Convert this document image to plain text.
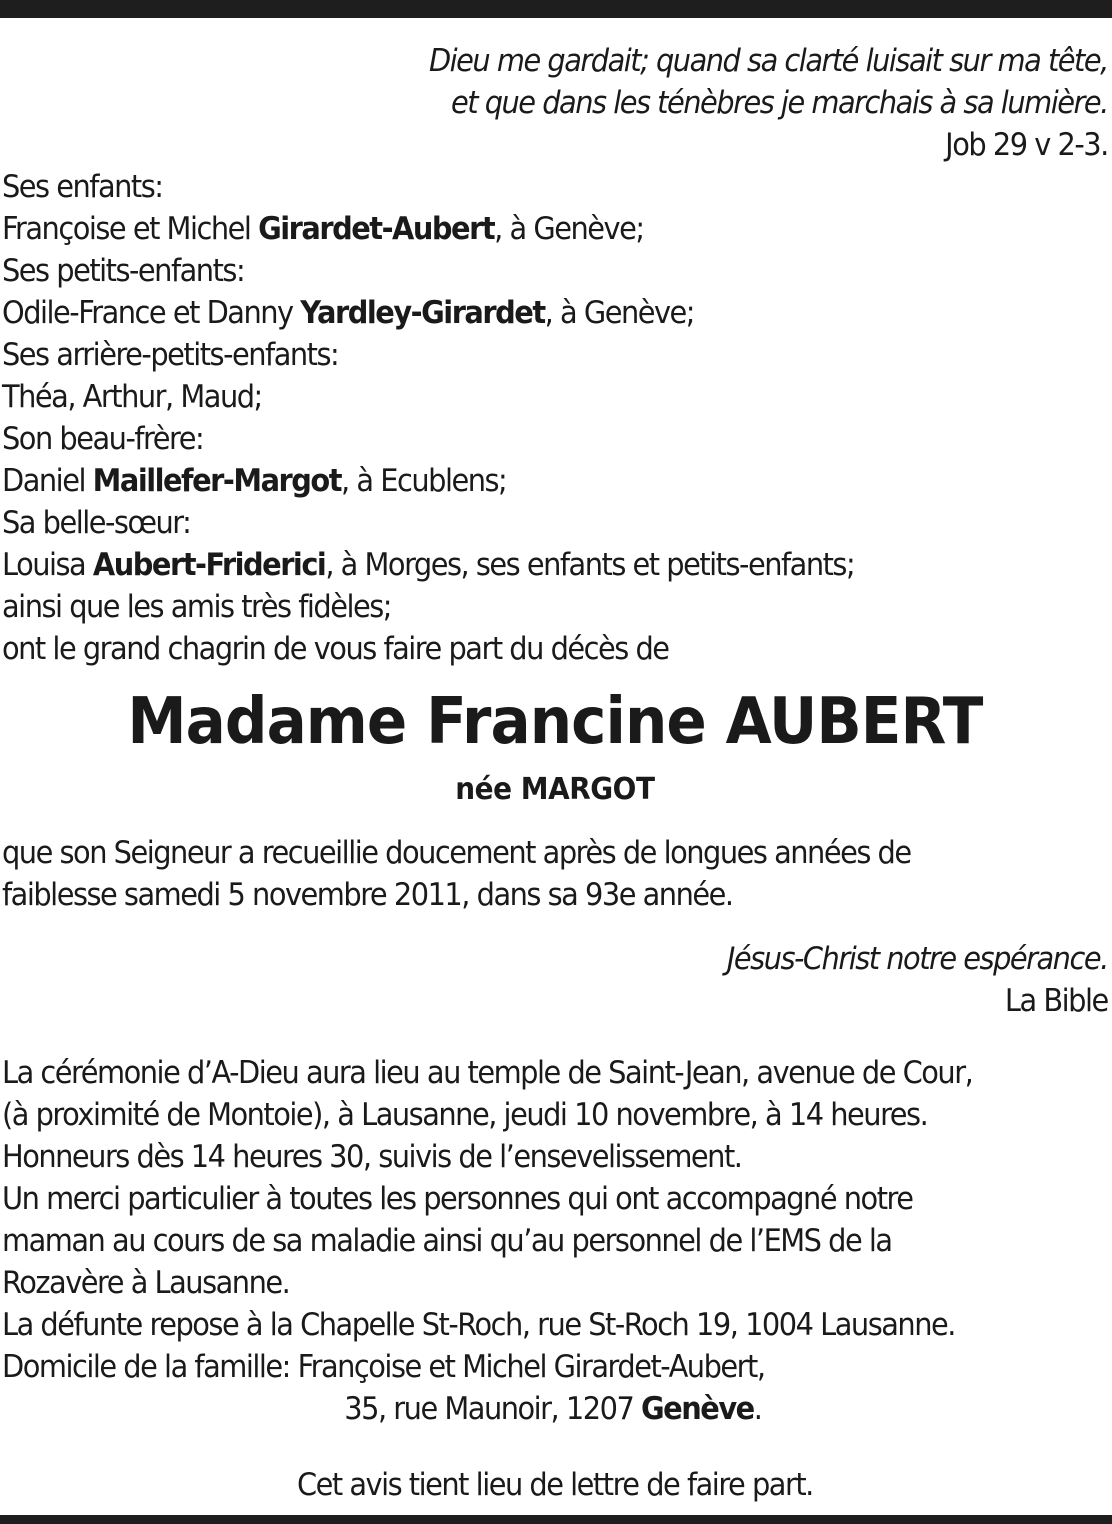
Dieu me gardait; quand sa clarté luisait sur ma tête,
et que dans les ténèbres je marchais à sa lumière.
Job 29 v 2-3.
Ses enfants:
Françoise et Michel Girardet-Aubert, à Genève;
Ses petits-enfants:
Odile-France et Danny Yardley-Girardet, à Genève;
Ses arrière-petits-enfants:
Théa, Arthur, Maud;
Son beau-frère:
Daniel Maillefer-Margot, à Ecublens;
Sa belle-sœur:
Louisa Aubert-Friderici, à Morges, ses enfants et petits-enfants;
ainsi que les amis très fidèles;
ont le grand chagrin de vous faire part du décès de
Madame Francine AUBERT
née MARGOT
que son Seigneur a recueillie doucement après de longues années de
faiblesse samedi 5 novembre 2011, dans sa 93e année.
Jésus-Christ notre espérance.
La Bible
La cérémonie d’A-Dieu aura lieu au temple de Saint-Jean, avenue de Cour,
(à proximité de Montoie), à Lausanne, jeudi 10 novembre, à 14 heures.
Honneurs dès 14 heures 30, suivis de l’ensevelissement.
Un merci particulier à toutes les personnes qui ont accompagné notre
maman au cours de sa maladie ainsi qu’au personnel de l’EMS de la
Rozavère à Lausanne.
La défunte repose à la Chapelle St-Roch, rue St-Roch 19, 1004 Lausanne.
Domicile de la famille: Françoise et Michel Girardet-Aubert,
35, rue Maunoir, 1207 Genève.
Cet avis tient lieu de lettre de faire part.
